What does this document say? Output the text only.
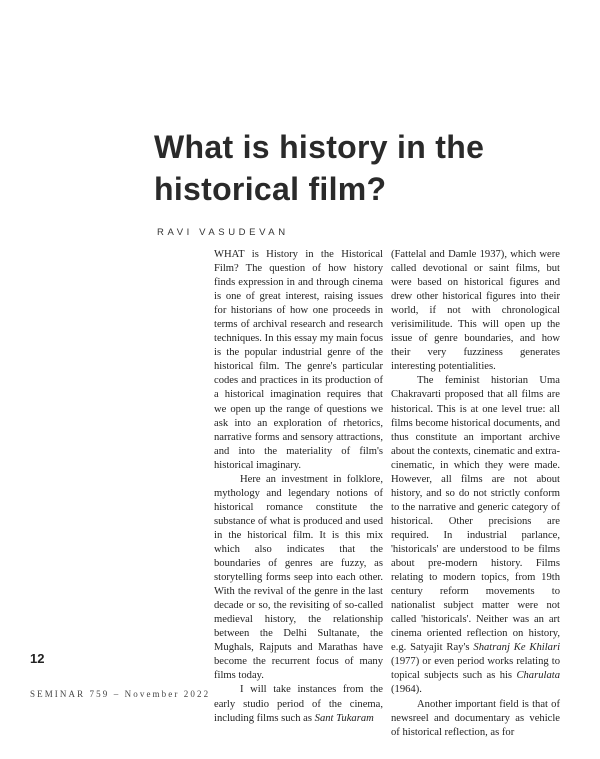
What is history in the historical film?
RAVI VASUDEVAN

WHAT is History in the Historical Film? The question of how history finds expression in and through cinema is one of great interest, raising issues for historians of how one proceeds in terms of archival research and research techniques. In this essay my main focus is the popular industrial genre of the historical film. The genre's particular codes and practices in its production of a historical imagination requires that we open up the range of questions we ask into an exploration of rhetorics, narrative forms and sensory attractions, and into the materiality of film's historical imaginary.

Here an investment in folklore, mythology and legendary notions of historical romance constitute the substance of what is produced and used in the historical film. It is this mix which also indicates that the boundaries of genres are fuzzy, as storytelling forms seep into each other. With the revival of the genre in the last decade or so, the revisiting of so-called medieval history, the relationship between the Delhi Sultanate, the Mughals, Rajputs and Marathas have become the recurrent focus of many films today.

I will take instances from the early studio period of the cinema, including films such as Sant Tukaram

(Fattelal and Damle 1937), which were called devotional or saint films, but were based on historical figures and drew other historical figures into their world, if not with chronological verisimilitude. This will open up the issue of genre boundaries, and how their very fuzziness generates interesting potentialities.

The feminist historian Uma Chakravarti proposed that all films are historical. This is at one level true: all films become historical documents, and thus constitute an important archive about the contexts, cinematic and extra-cinematic, in which they were made. However, all films are not about history, and so do not strictly conform to the narrative and generic category of historical. Other precisions are required. In industrial parlance, 'historicals' are understood to be films about pre-modern history. Films relating to modern topics, from 19th century reform movements to nationalist subject matter were not called 'historicals'. Neither was an art cinema oriented reflection on history, e.g. Satyajit Ray's Shatranj Ke Khilari (1977) or even period works relating to topical subjects such as his Charulata (1964).

Another important field is that of newsreel and documentary as vehicle of historical reflection, as for

12
SEMINAR 759 – November 2022
